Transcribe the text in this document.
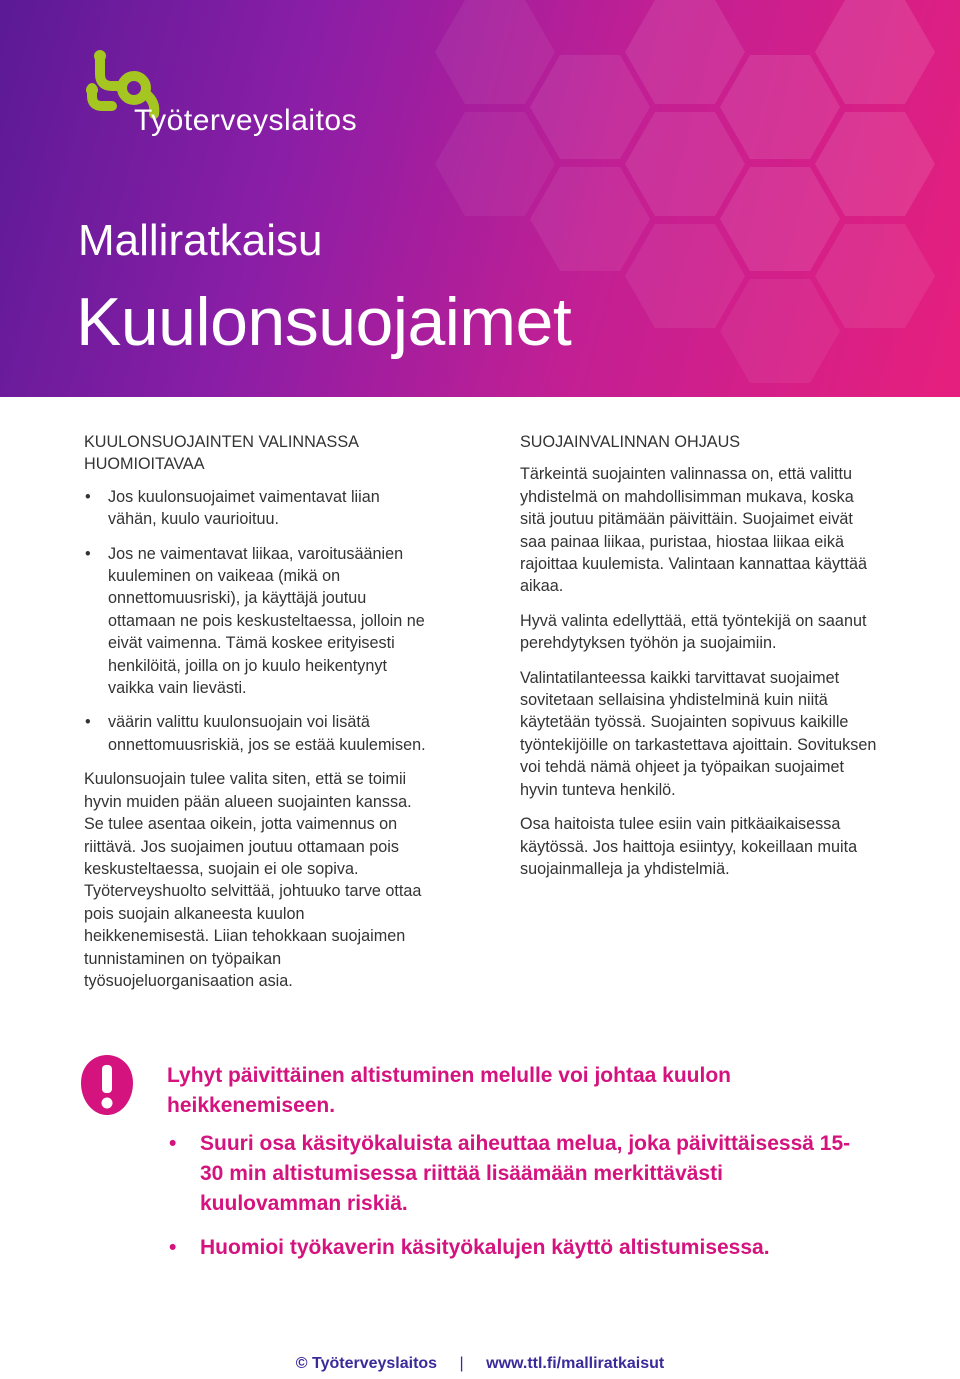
Työterveyslaitos
Malliratkaisu
Kuulonsuojaimet
KUULONSUOJAINTEN VALINNASSA HUOMIOITAVAA
• Jos kuulonsuojaimet vaimentavat liian vähän, kuulo vaurioituu.
• Jos ne vaimentavat liikaa, varoitusäänien kuuleminen on vaikeaa (mikä on onnettomuusriski), ja käyttäjä joutuu ottamaan ne pois keskusteltaessa, jolloin ne eivät vaimenna. Tämä koskee erityisesti henkilöitä, joilla on jo kuulo heikentynyt vaikka vain lievästi.
• väärin valittu kuulonsuojain voi lisätä onnettomuusriskiä, jos se estää kuulemisen.

Kuulonsuojain tulee valita siten, että se toimii hyvin muiden pään alueen suojainten kanssa. Se tulee asentaa oikein, jotta vaimennus on riittävä. Jos suojaimen joutuu ottamaan pois keskusteltaessa, suojain ei ole sopiva. Työterveyshuolto selvittää, johtuuko tarve ottaa pois suojain alkaneesta kuulon heikkenemisestä. Liian tehokkaan suojaimen tunnistaminen on työpaikan työsuojeluorganisaation asia.

SUOJAINVALINNAN OHJAUS

Tärkeintä suojainten valinnassa on, että valittu yhdistelmä on mahdollisimman mukava, koska sitä joutuu pitämään päivittäin. Suojaimet eivät saa painaa liikaa, puristaa, hiostaa liikaa eikä rajoittaa kuulemista. Valintaan kannattaa käyttää aikaa.

Hyvä valinta edellyttää, että työntekijä on saanut perehdytyksen työhön ja suojaimiin.

Valintatilanteessa kaikki tarvittavat suojaimet sovitetaan sellaisina yhdistelminä kuin niitä käytetään työssä. Suojainten sopivuus kaikille työntekijöille on tarkastettava ajoittain. Sovituksen voi tehdä nämä ohjeet ja työpaikan suojaimet hyvin tunteva henkilö.

Osa haitoista tulee esiin vain pitkäaikaisessa käytössä. Jos haittoja esiintyy, kokeillaan muita suojainmalleja ja yhdistelmiä.

Lyhyt päivittäinen altistuminen melulle voi johtaa kuulon heikkenemiseen.

• Suuri osa käsityökaluista aiheuttaa melua, joka päivittäisessä 15-30 min altistumisessa riittää lisäämään merkittävästi kuulovamman riskiä.
• Huomioi työkaverin käsityökalujen käyttö altistumisessa.
© Työterveyslaitos | www.ttl.fi/malliratkaisut
